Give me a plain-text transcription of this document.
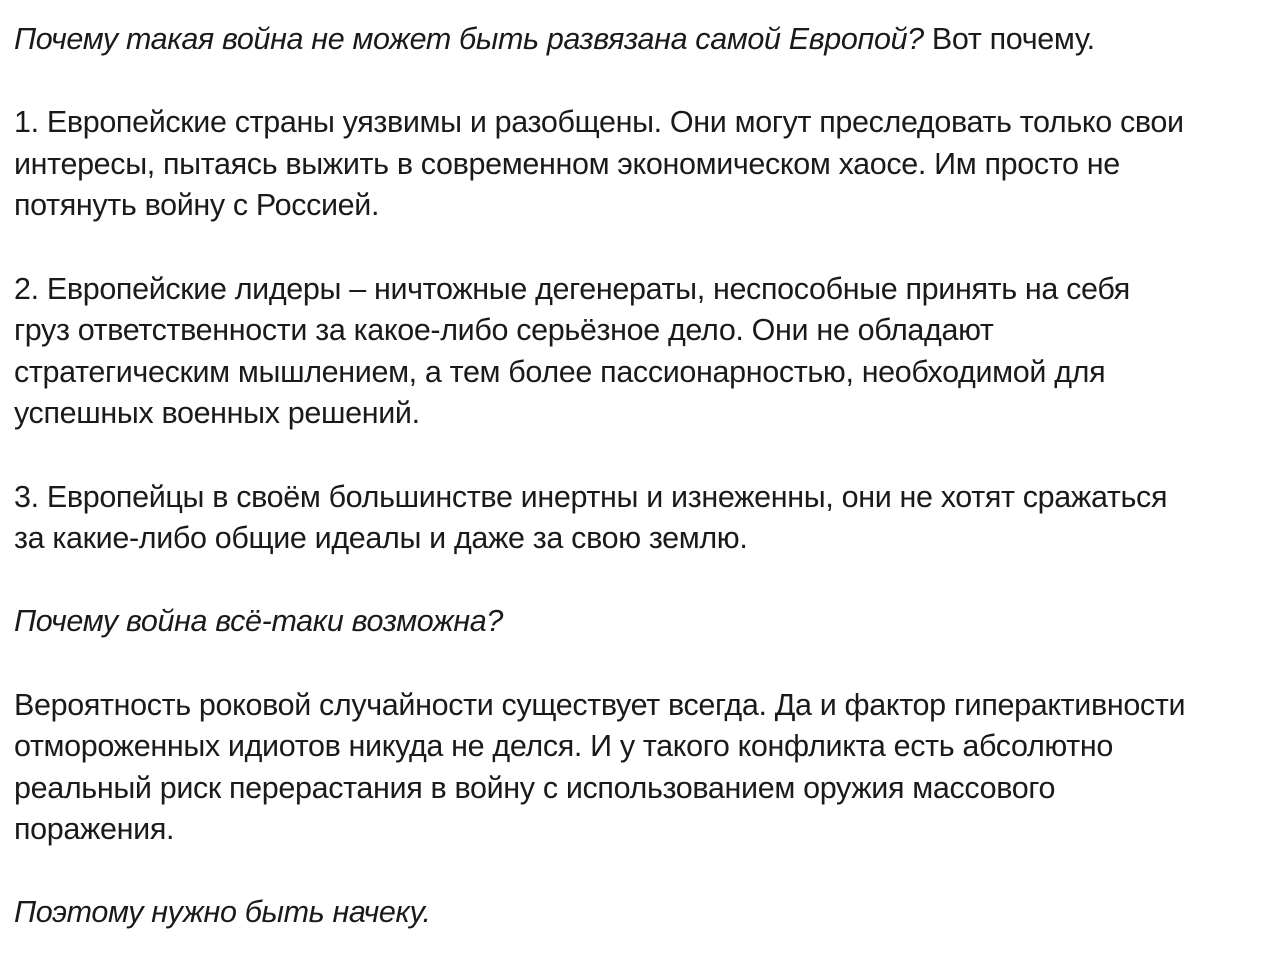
Почему такая война не может быть развязана самой Европой? Вот почему.

1. Европейские страны уязвимы и разобщены. Они могут преследовать только свои
интересы, пытаясь выжить в современном экономическом хаосе. Им просто не
потянуть войну с Россией.

2. Европейские лидеры – ничтожные дегенераты, неспособные принять на себя
груз ответственности за какое-либо серьёзное дело. Они не обладают
стратегическим мышлением, а тем более пассионарностью, необходимой для
успешных военных решений.

3. Европейцы в своём большинстве инертны и изнеженны, они не хотят сражаться
за какие-либо общие идеалы и даже за свою землю.

Почему война всё-таки возможна?

Вероятность роковой случайности существует всегда. Да и фактор гиперактивности
отмороженных идиотов никуда не делся. И у такого конфликта есть абсолютно
реальный риск перерастания в войну с использованием оружия массового
поражения.

Поэтому нужно быть начеку.
